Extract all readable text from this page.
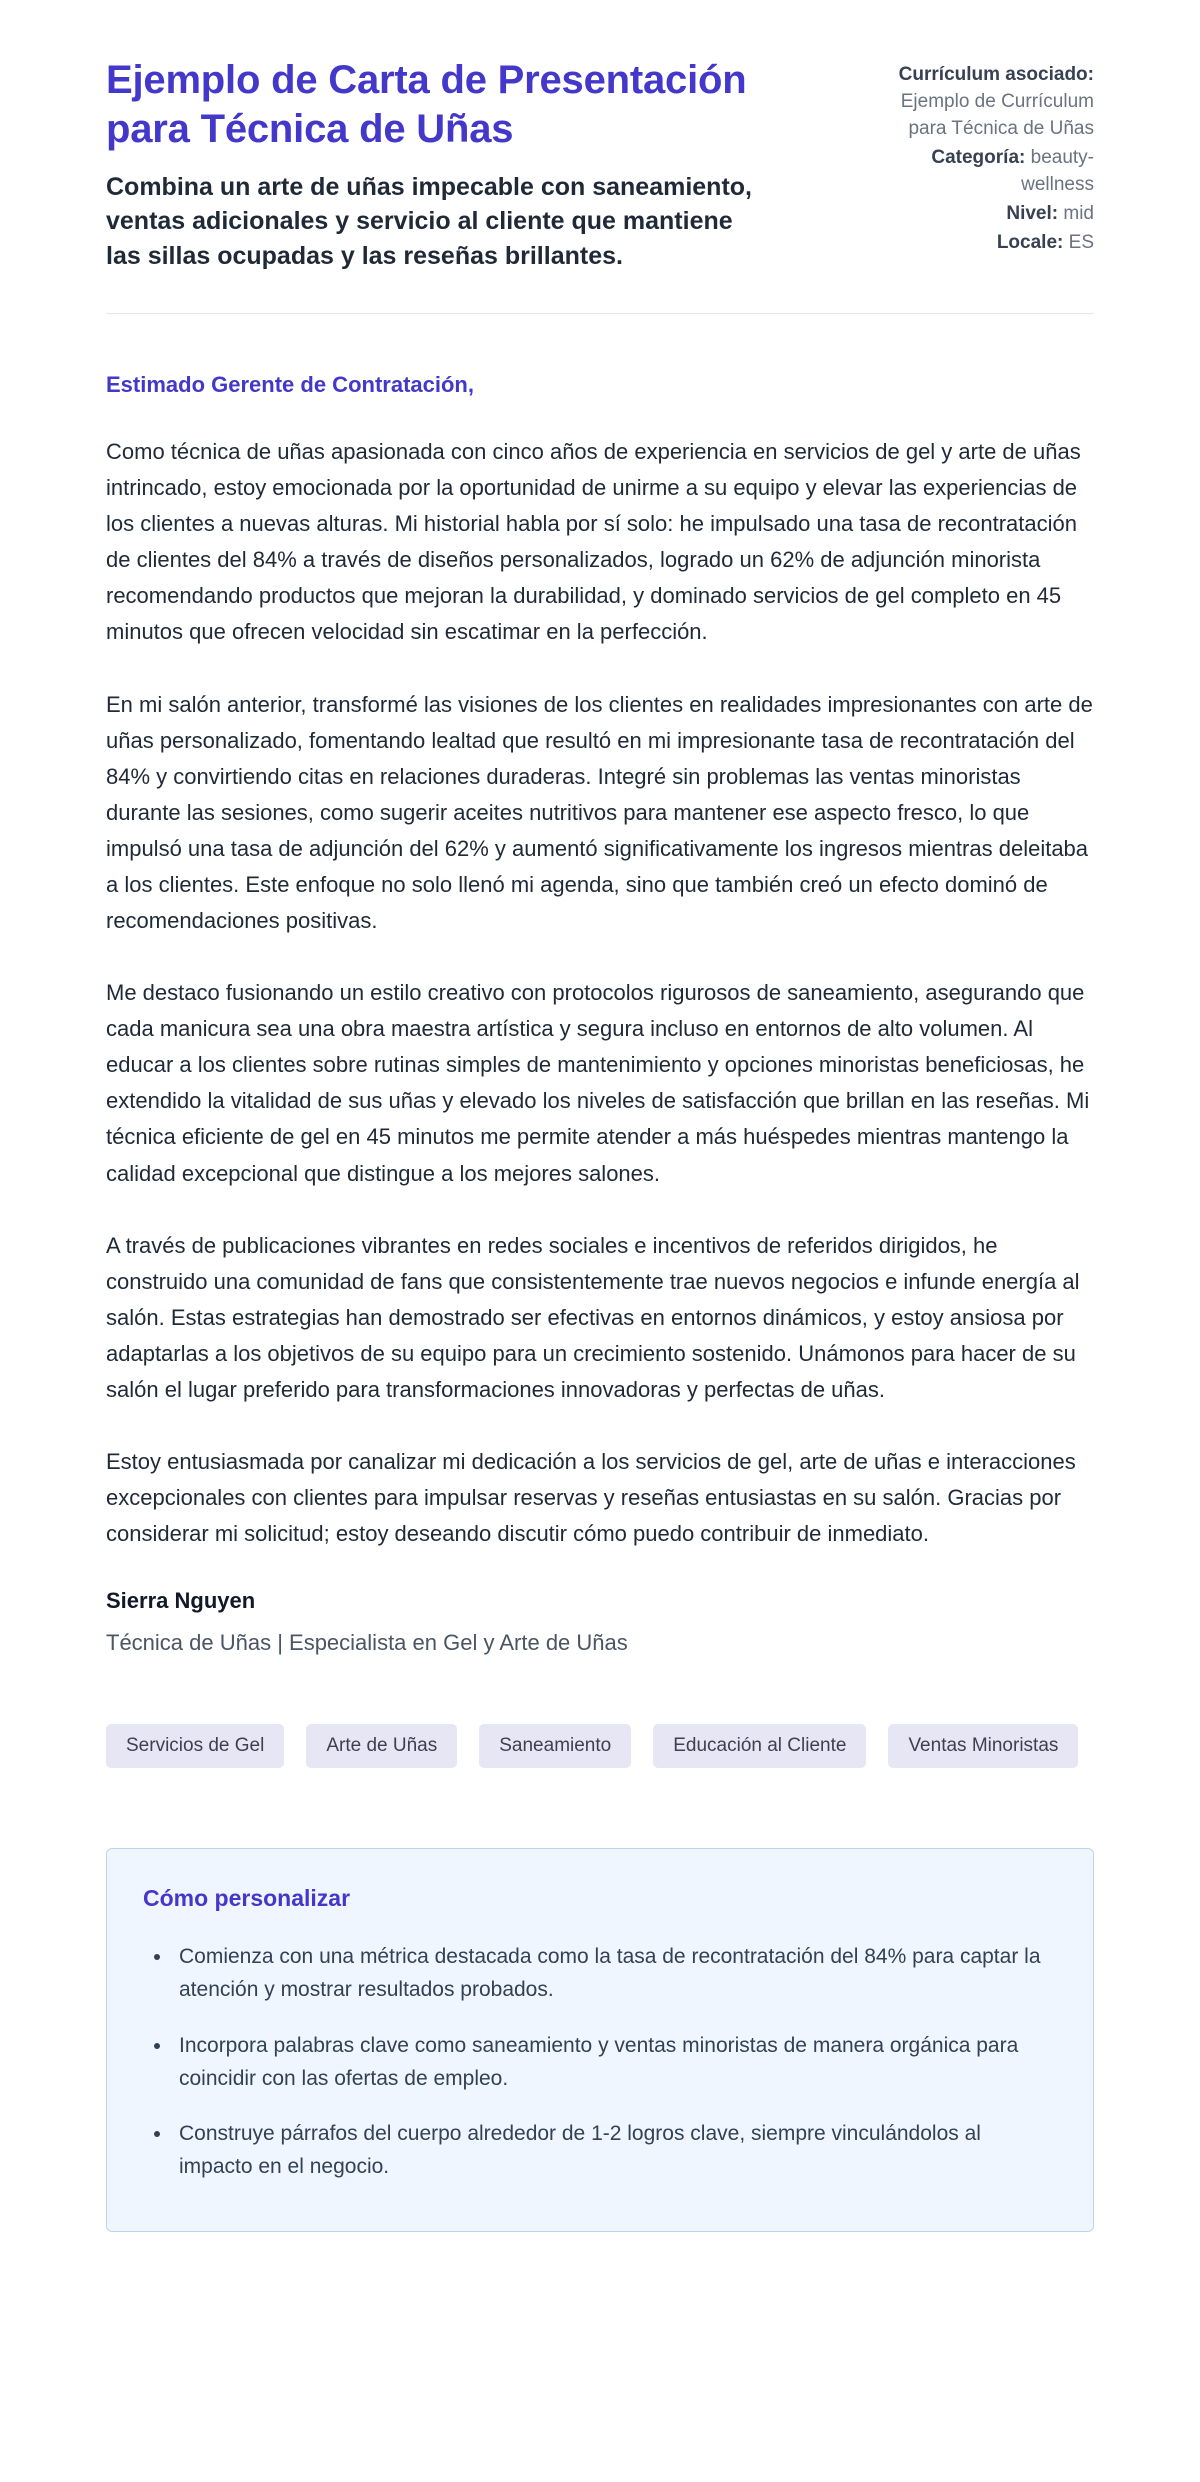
Ejemplo de Carta de Presentación para Técnica de Uñas

Combina un arte de uñas impecable con saneamiento, ventas adicionales y servicio al cliente que mantiene las sillas ocupadas y las reseñas brillantes.

Currículum asociado: Ejemplo de Currículum para Técnica de Uñas
Categoría: beauty-wellness
Nivel: mid
Locale: ES

Estimado Gerente de Contratación,

Como técnica de uñas apasionada con cinco años de experiencia en servicios de gel y arte de uñas intrincado, estoy emocionada por la oportunidad de unirme a su equipo y elevar las experiencias de los clientes a nuevas alturas. Mi historial habla por sí solo: he impulsado una tasa de recontratación de clientes del 84% a través de diseños personalizados, logrado un 62% de adjunción minorista recomendando productos que mejoran la durabilidad, y dominado servicios de gel completo en 45 minutos que ofrecen velocidad sin escatimar en la perfección.

En mi salón anterior, transformé las visiones de los clientes en realidades impresionantes con arte de uñas personalizado, fomentando lealtad que resultó en mi impresionante tasa de recontratación del 84% y convirtiendo citas en relaciones duraderas. Integré sin problemas las ventas minoristas durante las sesiones, como sugerir aceites nutritivos para mantener ese aspecto fresco, lo que impulsó una tasa de adjunción del 62% y aumentó significativamente los ingresos mientras deleitaba a los clientes. Este enfoque no solo llenó mi agenda, sino que también creó un efecto dominó de recomendaciones positivas.

Me destaco fusionando un estilo creativo con protocolos rigurosos de saneamiento, asegurando que cada manicura sea una obra maestra artística y segura incluso en entornos de alto volumen. Al educar a los clientes sobre rutinas simples de mantenimiento y opciones minoristas beneficiosas, he extendido la vitalidad de sus uñas y elevado los niveles de satisfacción que brillan en las reseñas. Mi técnica eficiente de gel en 45 minutos me permite atender a más huéspedes mientras mantengo la calidad excepcional que distingue a los mejores salones.

A través de publicaciones vibrantes en redes sociales e incentivos de referidos dirigidos, he construido una comunidad de fans que consistentemente trae nuevos negocios e infunde energía al salón. Estas estrategias han demostrado ser efectivas en entornos dinámicos, y estoy ansiosa por adaptarlas a los objetivos de su equipo para un crecimiento sostenido. Unámonos para hacer de su salón el lugar preferido para transformaciones innovadoras y perfectas de uñas.

Estoy entusiasmada por canalizar mi dedicación a los servicios de gel, arte de uñas e interacciones excepcionales con clientes para impulsar reservas y reseñas entusiastas en su salón. Gracias por considerar mi solicitud; estoy deseando discutir cómo puedo contribuir de inmediato.

Sierra Nguyen

Técnica de Uñas | Especialista en Gel y Arte de Uñas

Servicios de Gel	Arte de Uñas	Saneamiento	Educación al Cliente	Ventas Minoristas
Cómo personalizar
• Comienza con una métrica destacada como la tasa de recontratación del 84% para captar la atención y mostrar resultados probados.
• Incorpora palabras clave como saneamiento y ventas minoristas de manera orgánica para coincidir con las ofertas de empleo.
• Construye párrafos del cuerpo alrededor de 1-2 logros clave, siempre vinculándolos al impacto en el negocio.
